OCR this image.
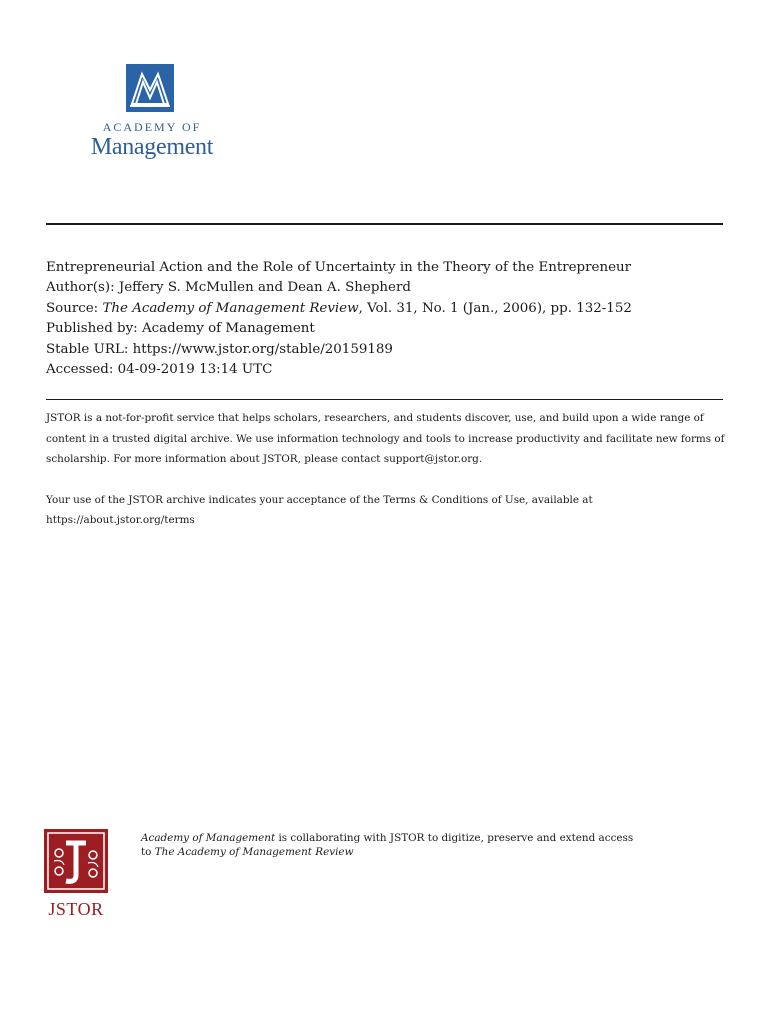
ACADEMY OF
Management
Entrepreneurial Action and the Role of Uncertainty in the Theory of the Entrepreneur
Author(s): Jeffery S. McMullen and Dean A. Shepherd
Source: The Academy of Management Review, Vol. 31, No. 1 (Jan., 2006), pp. 132-152
Published by: Academy of Management
Stable URL: https://www.jstor.org/stable/20159189
Accessed: 04-09-2019 13:14 UTC

JSTOR is a not-for-profit service that helps scholars, researchers, and students discover, use, and build upon a wide range of content in a trusted digital archive. We use information technology and tools to increase productivity and facilitate new forms of scholarship. For more information about JSTOR, please contact support@jstor.org.

Your use of the JSTOR archive indicates your acceptance of the Terms & Conditions of Use, available at https://about.jstor.org/terms

JSTOR
Academy of Management is collaborating with JSTOR to digitize, preserve and extend access
to The Academy of Management Review
